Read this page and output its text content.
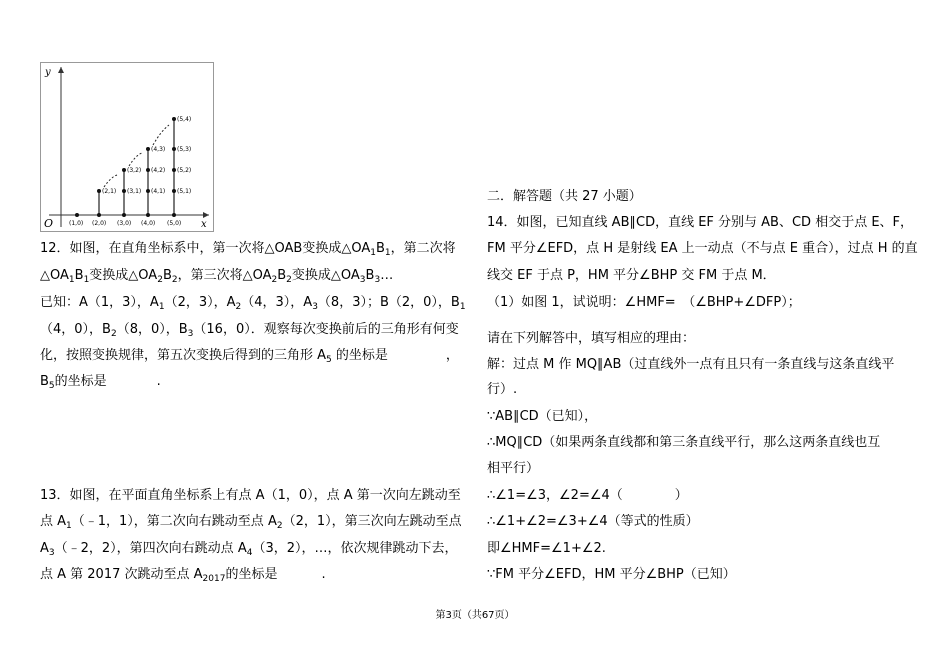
y
x
O	(1,0) (2,0) (3,0) (4,0) (5,0)
(2,1) (3,1)
(3,2)
(4,1)
(4,2)
(4,3)
(5,1)
(5,2)
(5,3)
(5,4)
12．如图，在直角坐标系中，第一次将△OAB变换成$\triangle OA_1B_1$，第二次将
$\triangle OA_1B_1$变换成$\triangle OA_2B_2$，第三次将$\triangle OA_2B_2$变换成$\triangle OA_3B_3\dots$
已知：A（1，3），$A_1(2$，3），$A_2(4$，3），$A_3(8$，3）；B（2，0），$B_1$
（4，0），$B_2(8$，0），$B_3(16$，0）．观察每次变换前后的三角形有何变
化，按照变换规律，第五次变换后得到的三角形 $A_5$ 的坐标是	，
$B_5$的坐标是	.
13．如图，在平面直角坐标系上有点 A（1，0），点 A 第一次向左跳动至
点 $A_1(﹣1$，1），第二次向右跳动至点 $A_2(2$，1），第三次向左跳动至点
$A_3(﹣2$，2），第四次向右跳动点 $A_4(3$，2），…，依次规律跳动下去，
点 A 第 2017 次跳动至点 $A_{2017}$的坐标是	.
二．解答题（共 27 小题）
14．如图，已知直线 AB∥CD，直线 EF 分别与 AB、CD 相交于点 E、F，
FM 平分∠EFD，点 H 是射线 EA 上一动点（不与点 E 重合），过点 H 的直
线交 EF 于点 P，HM 平分∠BHP 交 FM 于点 M．
（1）如图 1，试说明：∠HMF=　（∠BHP+∠DFP）；
请在下列解答中，填写相应的理由：
解：过点 M 作 MQ∥AB（过直线外一点有且只有一条直线与这条直线平
行）.
∵AB∥CD（已知），
∴MQ∥CD（如果两条直线都和第三条直线平行，那么这两条直线也互
相平行）
∴∠1=∠3，∠2=∠4（　　　　）
∴∠1+∠2=∠3+∠4（等式的性质）
即∠HMF=∠1+∠2.
∵FM 平分∠EFD，HM 平分∠BHP（已知）
第3页（共67页）
